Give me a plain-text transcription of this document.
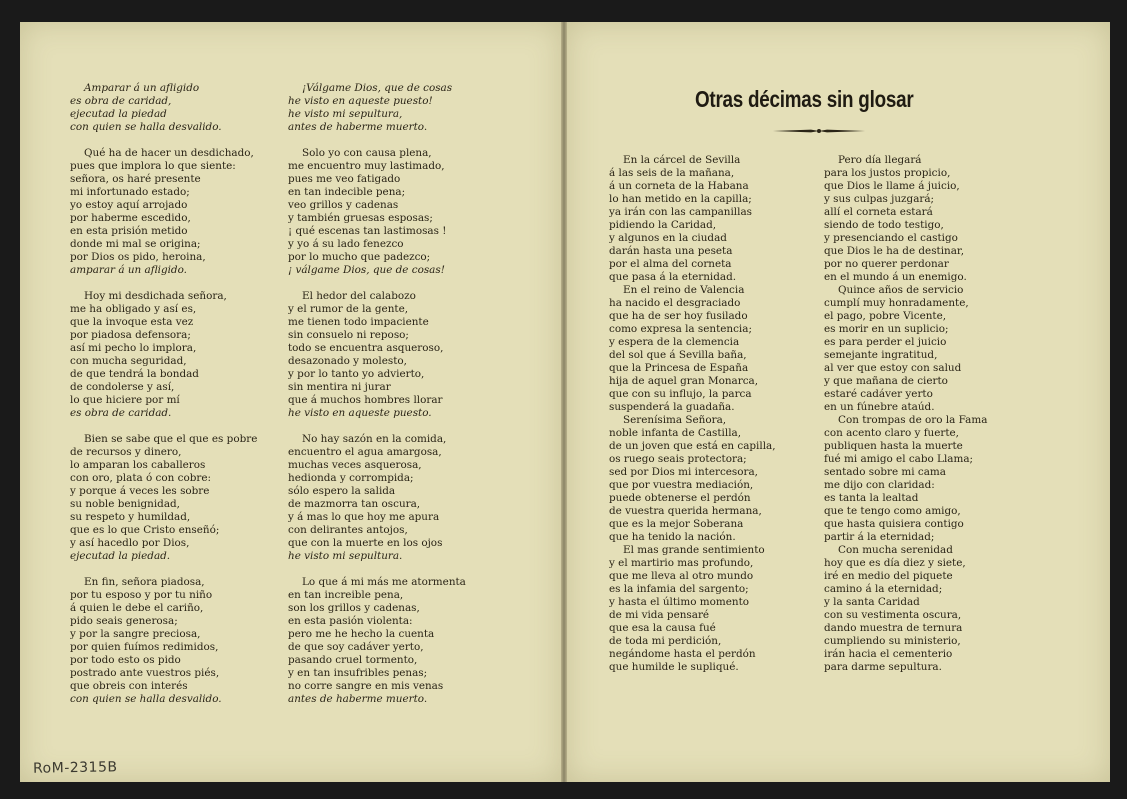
Amparar á un afligido
es obra de caridad,
ejecutad la piedad
con quien se halla desvalido.
Qué ha de hacer un desdichado,
pues que implora lo que siente:
señora, os haré presente
mi infortunado estado;
yo estoy aquí arrojado
por haberme escedido,
en esta prisión metido
donde mi mal se origina;
por Dios os pido, heroina,
amparar á un afligido.
Hoy mi desdichada señora,
me ha obligado y así es,
que la invoque esta vez
por piadosa defensora;
así mi pecho lo implora,
con mucha seguridad,
de que tendrá la bondad
de condolerse y así,
lo que hiciere por mí
es obra de caridad.
Bien se sabe que el que es pobre
de recursos y dinero,
lo amparan los caballeros
con oro, plata ó con cobre:
y porque á veces les sobre
su noble benignidad,
su respeto y humildad,
que es lo que Cristo enseñó;
y así hacedlo por Dios,
ejecutad la piedad.
En fin, señora piadosa,
por tu esposo y por tu niño
á quien le debe el cariño,
pido seais generosa;
y por la sangre preciosa,
por quien fuímos redimidos,
por todo esto os pido
postrado ante vuestros piés,
que obreis con interés
con quien se halla desvalido.
¡Válgame Dios, que de cosas
he visto en aqueste puesto!
he visto mi sepultura,
antes de haberme muerto.
Solo yo con causa plena,
me encuentro muy lastimado,
pues me veo fatigado
en tan indecible pena;
veo grillos y cadenas
y también gruesas esposas;
¡ qué escenas tan lastimosas !
y yo á su lado fenezco
por lo mucho que padezco;
¡ válgame Dios, que de cosas!
El hedor del calabozo
y el rumor de la gente,
me tienen todo impaciente
sin consuelo ni reposo;
todo se encuentra asqueroso,
desazonado y molesto,
y por lo tanto yo advierto,
sin mentira ni jurar
que á muchos hombres llorar
he visto en aqueste puesto.
No hay sazón en la comida,
encuentro el agua amargosa,
muchas veces asquerosa,
hedionda y corrompida;
sólo espero la salida
de mazmorra tan oscura,
y á mas lo que hoy me apura
con delirantes antojos,
que con la muerte en los ojos
he visto mi sepultura.
Lo que á mi más me atormenta
en tan increible pena,
son los grillos y cadenas,
en esta pasión violenta:
pero me he hecho la cuenta
de que soy cadáver yerto,
pasando cruel tormento,
y en tan insufribles penas;
no corre sangre en mis venas
antes de haberme muerto.
Otras décimas sin glosar
En la cárcel de Sevilla
á las seis de la mañana,
á un corneta de la Habana
lo han metido en la capilla;
ya irán con las campanillas
pidiendo la Caridad,
y algunos en la ciudad
darán hasta una peseta
por el alma del corneta
que pasa á la eternidad.
En el reino de Valencia
ha nacido el desgraciado
que ha de ser hoy fusilado
como expresa la sentencia;
y espera de la clemencia
del sol que á Sevilla baña,
que la Princesa de España
hija de aquel gran Monarca,
que con su influjo, la parca
suspenderá la guadaña.
Serenísima Señora,
noble infanta de Castilla,
de un joven que está en capilla,
os ruego seais protectora;
sed por Dios mi intercesora,
que por vuestra mediación,
puede obtenerse el perdón
de vuestra querida hermana,
que es la mejor Soberana
que ha tenido la nación.
El mas grande sentimiento
y el martirio mas profundo,
que me lleva al otro mundo
es la infamia del sargento;
y hasta el último momento
de mi vida pensaré
que esa la causa fué
de toda mi perdición,
negándome hasta el perdón
que humilde le supliqué.
Pero día llegará
para los justos propicio,
que Dios le llame á juicio,
y sus culpas juzgará;
allí el corneta estará
siendo de todo testigo,
y presenciando el castigo
que Dios le ha de destinar,
por no querer perdonar
en el mundo á un enemigo.
Quince años de servicio
cumplí muy honradamente,
el pago, pobre Vicente,
es morir en un suplicio;
es para perder el juicio
semejante ingratitud,
al ver que estoy con salud
y que mañana de cierto
estaré cadáver yerto
en un fúnebre ataúd.
Con trompas de oro la Fama
con acento claro y fuerte,
publiquen hasta la muerte
fué mi amigo el cabo Llama;
sentado sobre mi cama
me dijo con claridad:
es tanta la lealtad
que te tengo como amigo,
que hasta quisiera contigo
partir á la eternidad;
Con mucha serenidad
hoy que es día diez y siete,
iré en medio del piquete
camino á la eternidad;
y la santa Caridad
con su vestimenta oscura,
dando muestra de ternura
cumpliendo su ministerio,
irán hacia el cementerio
para darme sepultura.
RoM-2315B
